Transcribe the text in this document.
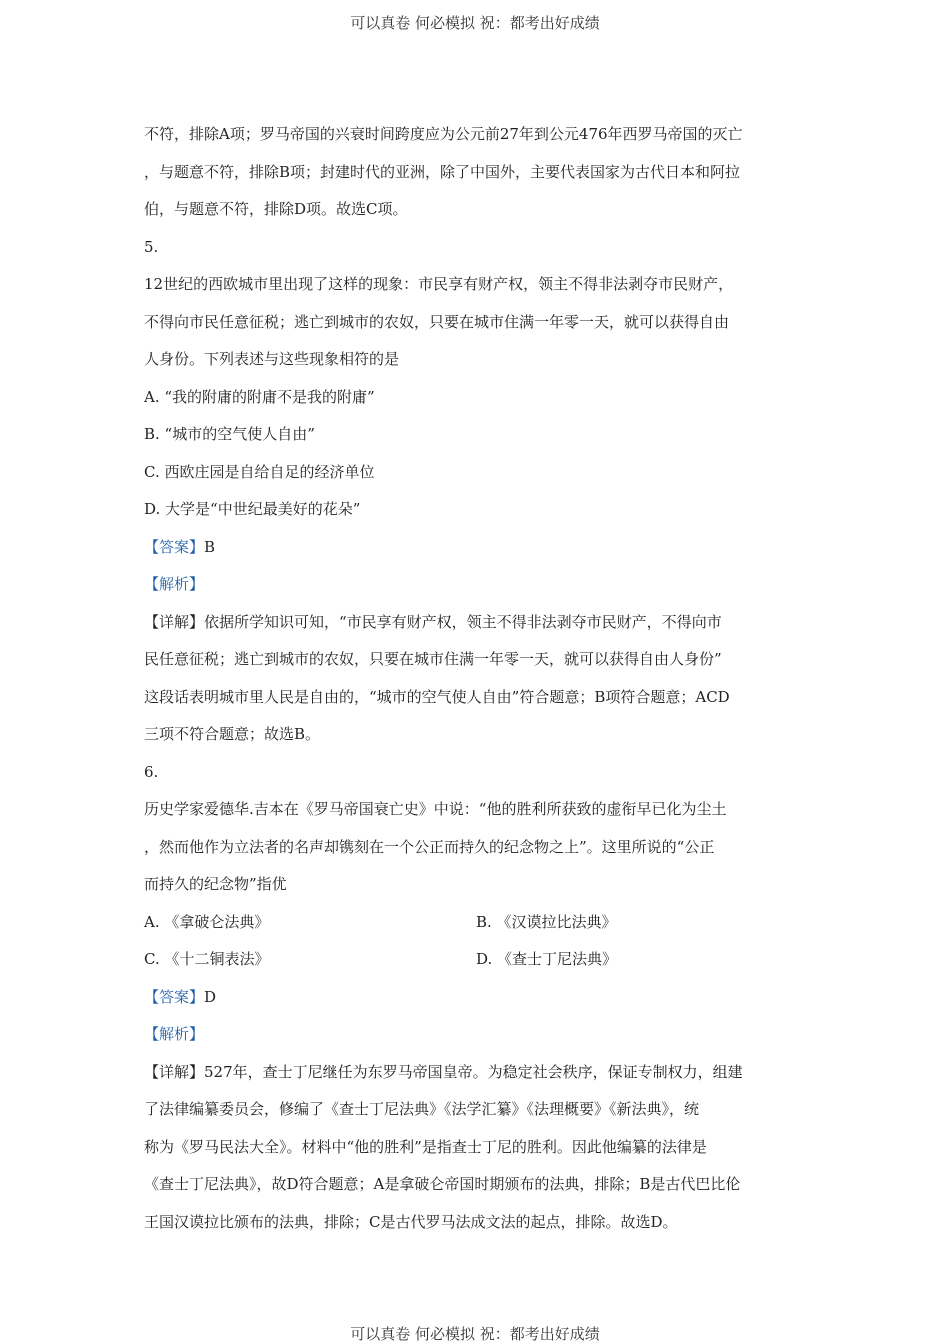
可以真卷 何必模拟 祝：都考出好成绩
不符，排除A项；罗马帝国的兴衰时间跨度应为公元前27年到公元476年西罗马帝国的灭亡
，与题意不符，排除B项；封建时代的亚洲，除了中国外，主要代表国家为古代日本和阿拉
伯，与题意不符，排除D项。故选C项。
5.
12世纪的西欧城市里出现了这样的现象：市民享有财产权，领主不得非法剥夺市民财产，
不得向市民任意征税；逃亡到城市的农奴，只要在城市住满一年零一天，就可以获得自由
人身份。下列表述与这些现象相符的是
A. “我的附庸的附庸不是我的附庸”
B. “城市的空气使人自由”
C. 西欧庄园是自给自足的经济单位
D. 大学是“中世纪最美好的花朵”
【答案】B
【解析】
【详解】依据所学知识可知，“市民享有财产权，领主不得非法剥夺市民财产，不得向市
民任意征税；逃亡到城市的农奴，只要在城市住满一年零一天，就可以获得自由人身份”
这段话表明城市里人民是自由的，“城市的空气使人自由”符合题意；B项符合题意；ACD
三项不符合题意；故选B。
6.
历史学家爱德华.吉本在《罗马帝国衰亡史》中说：“他的胜利所获致的虚衔早已化为尘土
，然而他作为立法者的名声却镌刻在一个公正而持久的纪念物之上”。这里所说的“公正
而持久的纪念物”指优
A. 《拿破仑法典》	B. 《汉谟拉比法典》
C. 《十二铜表法》	D. 《查士丁尼法典》
【答案】D
【解析】
【详解】527年，查士丁尼继任为东罗马帝国皇帝。为稳定社会秩序，保证专制权力，组建
了法律编纂委员会，修编了《查士丁尼法典》《法学汇纂》《法理概要》《新法典》，统
称为《罗马民法大全》。材料中“他的胜利”是指查士丁尼的胜利。因此他编纂的法律是
《查士丁尼法典》，故D符合题意；A是拿破仑帝国时期颁布的法典，排除；B是古代巴比伦
王国汉谟拉比颁布的法典，排除；C是古代罗马法成文法的起点，排除。故选D。
可以真卷 何必模拟 祝：都考出好成绩
